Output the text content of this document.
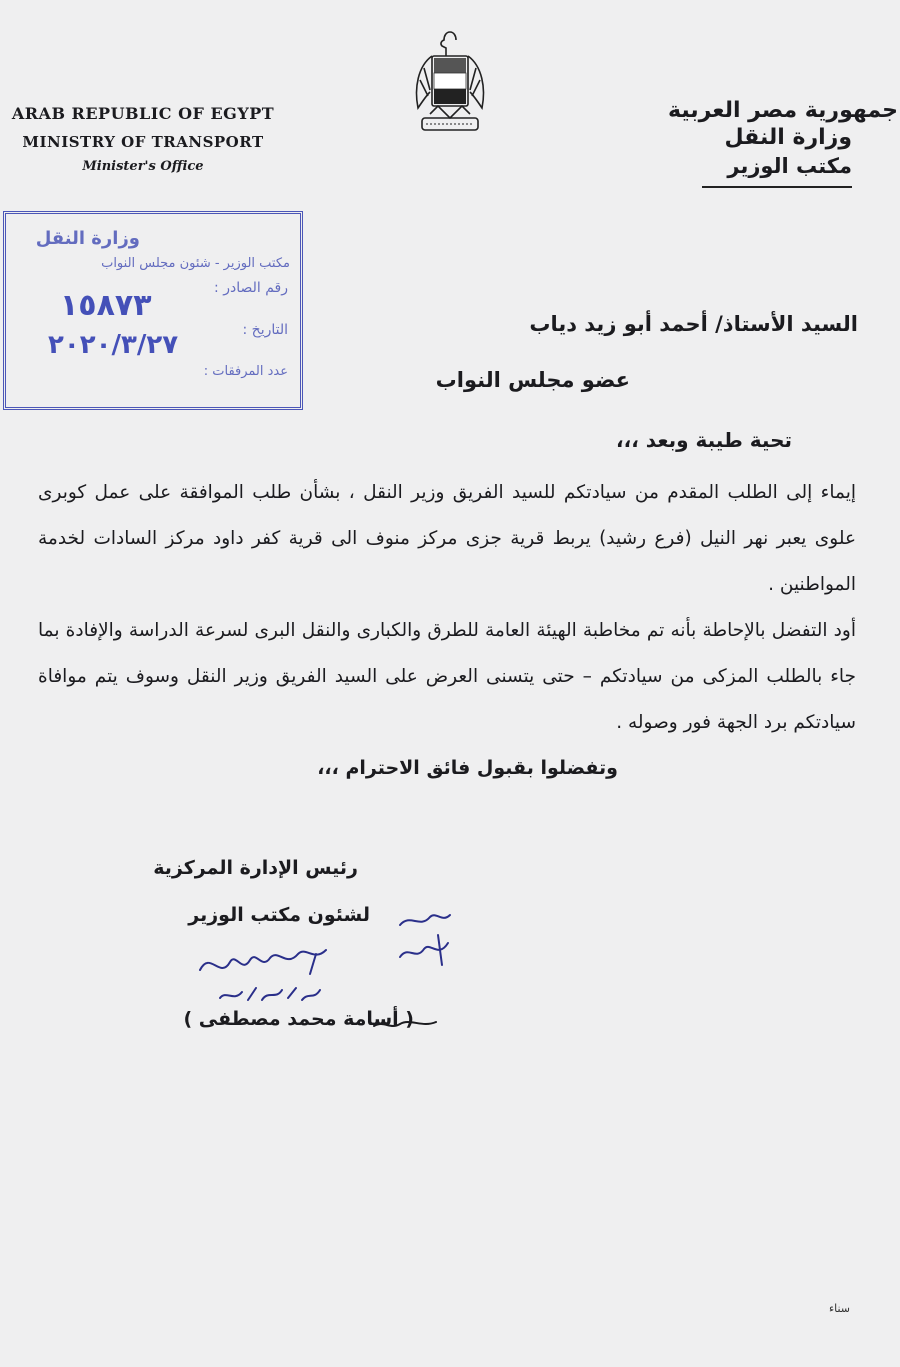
ARAB REPUBLIC OF EGYPT
MINISTRY OF TRANSPORT
Minister's Office
جمهورية مصر العربية
وزارة النقل
مكتب الوزير
وزارة النقل
مكتب الوزير - شئون مجلس النواب
رقم الصادر :
١٥٨٧٣
التاريخ :
٢٠٢٠/٣/٢٧
عدد المرفقات :
السيد الأستاذ/ أحمد أبو زيد دياب
عضو مجلس النواب
تحية طيبة وبعد ،،،
إيماء إلى الطلب المقدم من سيادتكم للسيد الفريق وزير النقل ، بشأن طلب الموافقة على عمل كوبرى علوى يعبر نهر النيل (فرع رشيد) يربط قرية جزى مركز منوف الى قرية كفر داود مركز السادات لخدمة المواطنين .
أود التفضل بالإحاطة بأنه تم مخاطبة الهيئة العامة للطرق والكبارى والنقل البرى لسرعة الدراسة والإفادة بما جاء بالطلب المزكى من سيادتكم – حتى يتسنى العرض على السيد الفريق وزير النقل وسوف يتم موافاة سيادتكم برد الجهة فور وصوله .
وتفضلوا بقبول فائق الاحترام ،،،
رئيس الإدارة المركزية
لشئون مكتب الوزير
( أسامة محمد مصطفى )
سناء
